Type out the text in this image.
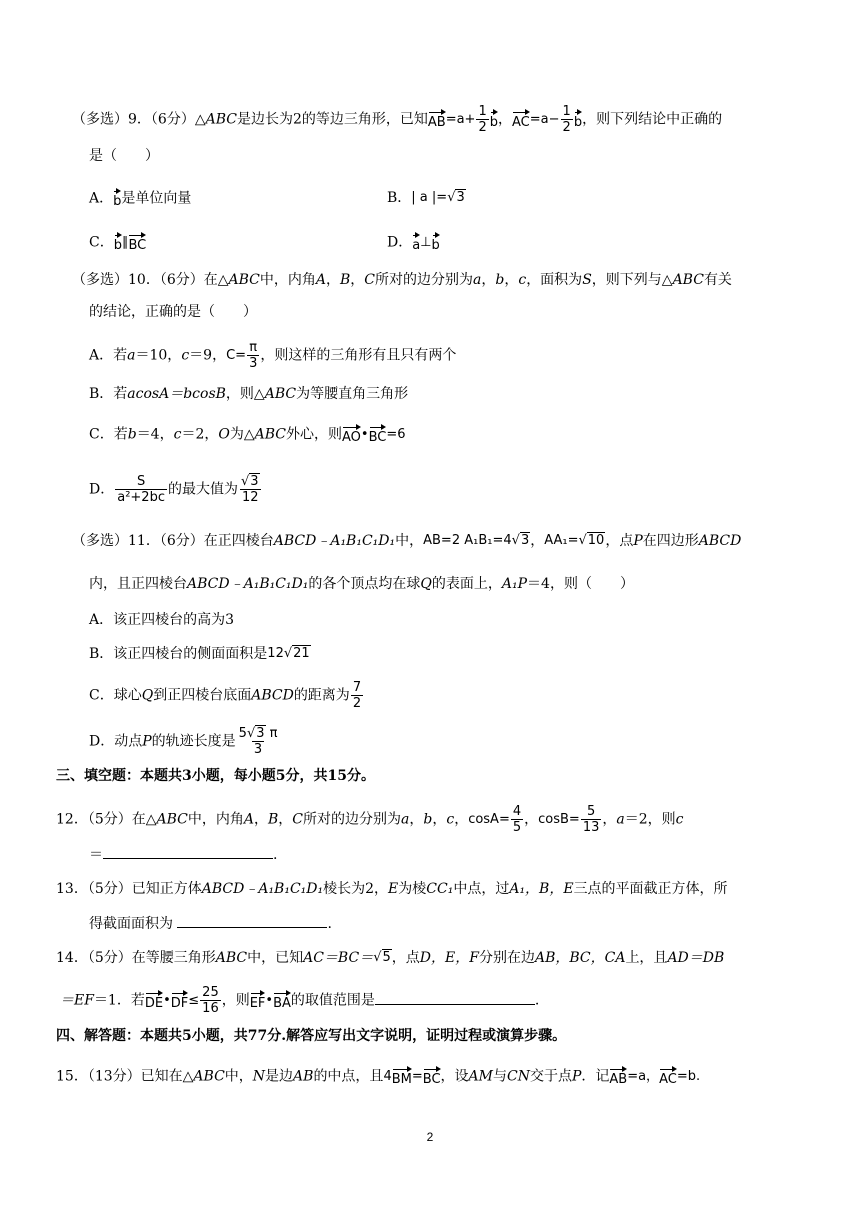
（多选）9．（6分）△ABC是边长为2的等边三角形，已知$AB=a+ \frac{1}{2}$ b，$AC=a- \frac{1}{2}$ b，则下列结论中正确的
是（　　）
A．b是单位向量	B．| a |=√3
C．b∥BC	D．a⊥b
（多选）10．（6分）在△ABC中，内角A，B，C所对的边分别为a，b，c，面积为S，则下列与△ABC有关
的结论，正确的是（　　）
A．若a＝10，c＝9，$C= \frac{\pi}{3}$ ，则这样的三角形有且只有两个
B．若acosA＝bcosB，则△ABC为等腰直角三角形
C．若b＝4，c＝2，O为△ABC外心，则AO•BC=6
D． $\frac{S}{\text{a²+2bc}}$ 的最大值为 $\frac{√3}{12}$
（多选）11．（6分）在正四棱台ABCD﹣A₁B₁C₁D₁中，AB=2 A₁B₁=4√3，AA₁=√10，点P在四边形ABCD
内，且正四棱台ABCD﹣A₁B₁C₁D₁的各个顶点均在球Q的表面上，A₁P＝4，则（　　）
A．该正四棱台的高为3
B．该正四棱台的侧面面积是12√21
C．球心Q到正四棱台底面ABCD的距离为 $\frac{7}{2}$
D．动点P的轨迹长度是 $\frac{5√3 \pi}{3}$
三、填空题：本题共3小题，每小题5分，共15分。
12．（5分）在△ABC中，内角A，B，C所对的边分别为a，b，c，$\cos A= \frac{4}{5}$ ，$\cos B= \frac{5}{13}$ ，a＝2，则c
＝	.
13．（5分）已知正方体ABCD﹣A₁B₁C₁D₁棱长为2，E为棱CC₁中点，过A₁，B，E三点的平面截正方体，所
得截面面积为	.
14．（5分）在等腰三角形ABC中，已知AC＝BC＝√5，点D，E，F分别在边AB，BC，CA上，且AD＝DB
＝EF＝1．若DE•DF≤ $\frac{25}{16}$ ，则EF•BA的取值范围是	.
四、解答题：本题共5小题，共77分.解答应写出文字说明，证明过程或演算步骤。
15．（13分）已知在△ABC中，N是边AB的中点，且4BM=BC，设AM与CN交于点P．记AB=a，AC=b.
2
